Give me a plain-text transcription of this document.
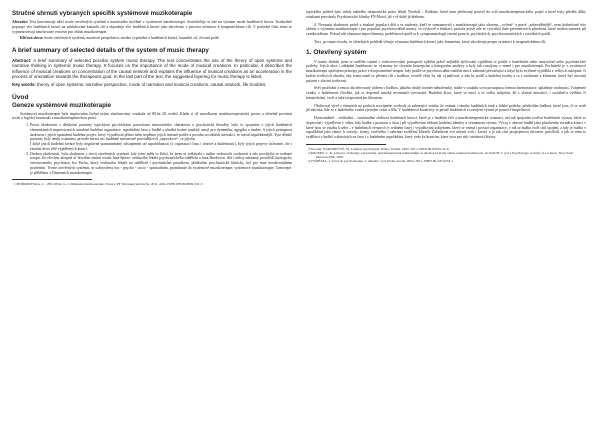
Stručné shrnutí vybraných specifik systémové muzikoterapie

Abstrakt: Text koncentruje užití teorie otevřených systémů a narativního myšlení v systémové muzikoterapii. Soustřeďuje se zde na význam modu hudebních kreací. Konkrétně popisuje vliv hudebních kreací na zahlubování kauzalit síti a objasňuje vliv hudebních kreací jako akceleraci v procesu orientace k terapeutickému cíli. V poslední části textu se vyjmenovávají navrhované vrstvení pro oblast muzikoterapie.

Klíčová slova: teorie otevřených systémů, narativní perspektiva, modus vyprávění a hudebních kreací, kauzální síť, životní potíž.

A brief summary of selected details of the system of music therapy

Abstract: A brief summary of selected peculiar system music therapy. The text concentrates the use of the theory of open systems and narrative thinking in systemic music therapy. It focuses on the importance of the mode of musical creations. In particular, it describes the influence of musical creations on concentration of the causal network and explains the influence of musical creations as an acceleration in the process of orientation towards the therapeutic goal. In the last part of the text, the suggested layering for music therapy is listed.

Key words: theory of open systems, narrative perspective, mode of narration and musical creations, causal network, life troubles.

Úvod

Geneze systémové muzikoterapie

Systémová muzikoterapie byla inspirována čtyřmi mými zkušenostmi, vznikala od 80.let 20. století. Kladu si cíl nezodkavat muzikoterapeutický proces a zřetelně provázat teorii a logický konstrukt a muzikoterapeutickou praxi.

1. Prvou zkušeností s dětskými pacienty typickými psychickými poruchami neurotického charakteru a psychotické blouděy, bylo to spojením v jejich hudebních elementárních improvizacích narušení hudební organizace: uspořádání času v hudbě a tónální hodné tonalitě, umyl pro dynamiku, agogiku a timbre. S jejich postupnou úzdravou i jejich spontánní hudební projev, který vyjadřoval přímo nebo nepřímo jejich intenzě potíže a povahu sociálních interakcí, se stával uspořádanější. Tyto dětské pacienty byly tehdy ostatními, protože kreací nic hudebně intenzivně provádějících „opravdové“, se jejichn.
I když jejich hudební kreace byly negativně poznamenány odstupením od uspořádanosti (v organizaci času i tónové a hudebnosti), byly jejich projevy úchvatné, ale i emoční drive tělé výjádřených kreací.
3. Druhou zkušeností, byla zkušenost s teorií otevřených systémů, kdy jsem měla to štěstí, že jsem se setkávala s naším vedoucích osobnosti a nás rozvíjející se rodinné terapii. Za všechny alespoň ať dovolím zmínit osobu Jana Spitze, vedoucího lékaře psychiatrického oddělení a Jana Brodovou. Ale i utility náramný prostředí, biologicky orientovaného psychiatru Ivo Pacha, který vedoucího lékaře na oddělení i psychiatrům poradkem, předložím psychiatrické klinicky, byl pro mne neodecentilním poučením. Teorie otevřených systémů, se subsystémy bio - psycho - socio - spirituálním, promítnuté do systémové muzikoterapie, systémové muzikoterapie. Genezepé, je příběhem v Dimenzích muzikoterapie.

1 PEJŘIMOVSKA, J. – ZELJOVA, G. J. Dimenzie muzikoterapie. Trnava: PF Trnavskej univerzity, 2011. 226s. ISBN 978-80-8082-331-3

typického pohled bylo tehdy nabitého terapeutické práce lékaři Nordoff – Robbins, které mne přelevaný pouvel do svět muzikoterapeutického pojetí a které byly přetížit dílky otázkami provázaly Psychiatrické kliniky FN Motol, již v tě době já hřebenu.

4. Nevzanji zkušenost právě z intaktní populací dětí a se studenty, kteří se seznamovali s muzikoterapií jako oborem, „ovčení“ a pravě „sebeviděnější“, nem definitivně této oblasti o významu muzikoterapie i pro populaci psychosociálně normy, ve výchově a edukaci, protože právě zde se vytvářejí linie preventivních působení, které mohou zamezit při vzniku nákaze. Pokud zde zůstanou nepovšimnuty, problémové potíž se k symptomatologii rizenti poruch, psychických, psychosomatických i sociálních potíží.

Text, po tomto úvodu, se zřetelných pohledů věnuje významu hudebních kreací jako fenoménu, který akceleruje proper orientaci k terapeutickému cíli.

1. Otevřený systém

V tomto období jsem se směšila vázání s rozhovorovými postupech zjištění právě nejběžší zjišťování vyjádření se potíže v hudebních nebo neurotické nebo psychiatrické potřeby. Jejich akce i základní hudebnosti se významy ke slovním koncepcím a kategoriím analýzy a byly tak rozvíjeny o nemé i pro muzikoterapii. Pocházelé je v systémové muzikoterapii opačnými principy práce z dvojrozměrné terapie, kdy potíže se psychosociální tradiční mocí, zahrnutí převažující a když bylo zvýšené vyjádřila z velkých rukopisů; či kolem tvořivých obsahu, aby tomu snaží se přenést cíli s hudbou, rovněž vždy by tak vyjadřoval, a zda by podíl z hudební tvorby a tu s osobnosti a klientem, který byl chování pacient s vlastní tvořivosti.

Svět prožívání a emocí akcelerovaný jádrem s hudbou, jakožto druhý rozměr náboženský, může v souladu svou postupnou formou harmonizace, uplatňuje osobnosti. Vzájemné vztahy v hudebnosti člověka, jak se doposud mnohý nevnímali vyrovnání. Hudební život, který se mocí a se svého subjektu, žít s vlastní interakcí, i sociálně-a vyššími či tematickými, tvoří a také terapeutickým klientem.

Obdivoval vjivě v tématech na poslech rozvíjením svobody to zahrnující vztahy, že vnímat i obsahy hudebních tónů z lidské potřeby, především hudbou, které jsou, či se tvoří již aktivita, kde se z hudebního zvuku zjevným cestu a těla. V hudebnosti kreativity se pevně hudebních a rozvíjení výrazů je pomocí bezpečnosti.

Horizontálně – vertikální – strukturální složitost hudebních kreací, které je v hudební řeči a muzikoterapeutické orientaci, má tak spojením tvořivá hudebních výrazu, které se doprovází i vyjadřovat v celku, kdy hudba v prostoru a času i při vyjadřování vědomí hudební identity a významem výrazu. Vývoj v obecné hudbě jako působením rozměru kreací v které jsou ve vztahu k sebe – v hudebních výrazech (v reálném čase) i vyjadřování subjektem, který se vnímá i prostor organizace, v níž se hudba tvoří cítil spojení, a kdy je hudba v uspořádání jako rámec k rozvoji, formy, tvořivého i zahrnutí rozšíření klientů. Zabudovat své interní svět i kreací a je tak cítit propojenosti životem, prostředí, a jak se nám to vzdělává v hudbě a aktivitách za času i v hudebním uspořádání, který vede ke kreacím, které jsou pro něj i možností života.

2 Srovnej: NAKONEČNÝ, M. Lexikon psychologie. Praha: Vodnář, 1995. 397 s. ISBN 80-85255-74-X

3 ROGERS, C. R. A theory of therapy, personality, and interpersonal relationships as developed in the client-centered framework. In: KOCH, S. (ed.), Psychology: A study of a science. New York: McGraw-Hill, 1959.

4 VYMĚTAL, J. Úvod do psychoterapie. 2. aktualiz. vyd. Praha: Grada, 2004. 263 s. ISBN 80-247-0253-1
